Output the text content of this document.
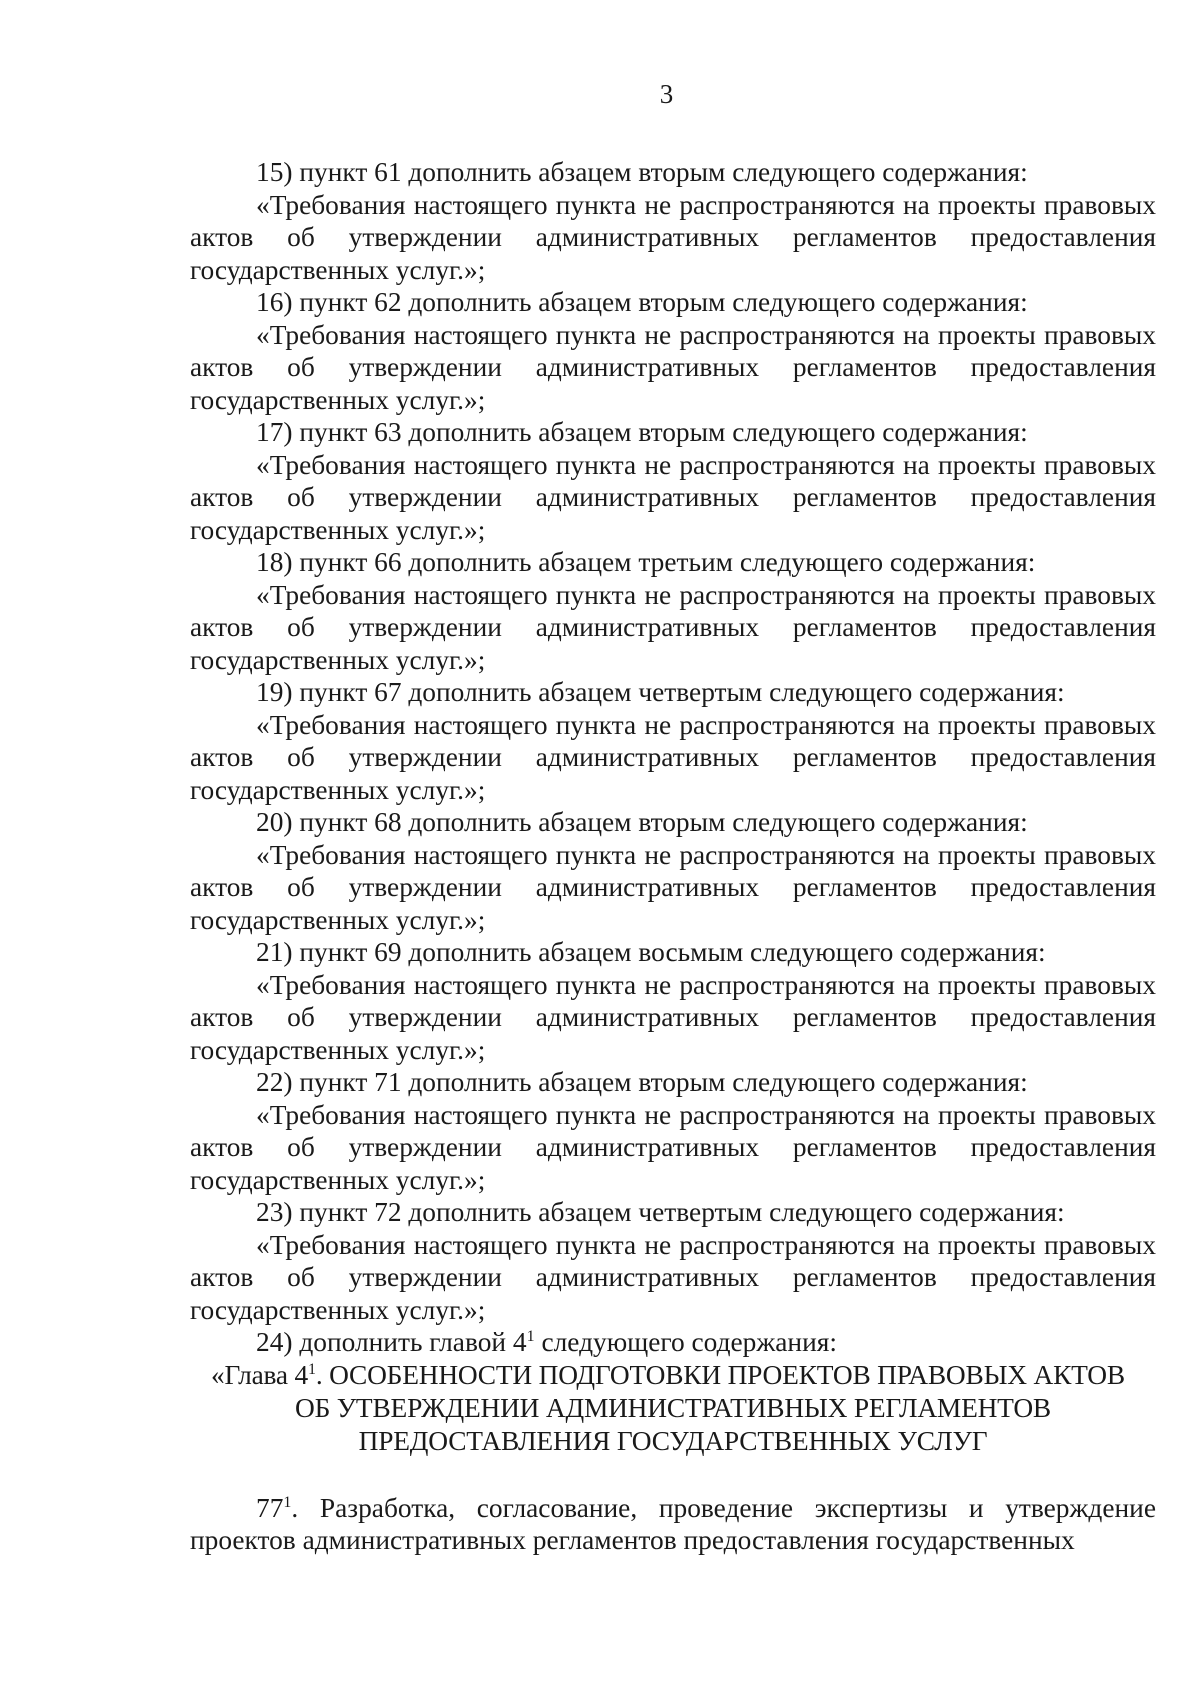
3

15) пункт 61 дополнить абзацем вторым следующего содержания:

«Требования настоящего пункта не распространяются на проекты правовых актов об утверждении административных регламентов предоставления государственных услуг.»;

16) пункт 62 дополнить абзацем вторым следующего содержания:

«Требования настоящего пункта не распространяются на проекты правовых актов об утверждении административных регламентов предоставления государственных услуг.»;

17) пункт 63 дополнить абзацем вторым следующего содержания:

«Требования настоящего пункта не распространяются на проекты правовых актов об утверждении административных регламентов предоставления государственных услуг.»;

18) пункт 66 дополнить абзацем третьим следующего содержания:

«Требования настоящего пункта не распространяются на проекты правовых актов об утверждении административных регламентов предоставления государственных услуг.»;

19) пункт 67 дополнить абзацем четвертым следующего содержания:

«Требования настоящего пункта не распространяются на проекты правовых актов об утверждении административных регламентов предоставления государственных услуг.»;

20) пункт 68 дополнить абзацем вторым следующего содержания:

«Требования настоящего пункта не распространяются на проекты правовых актов об утверждении административных регламентов предоставления государственных услуг.»;

21) пункт 69 дополнить абзацем восьмым следующего содержания:

«Требования настоящего пункта не распространяются на проекты правовых актов об утверждении административных регламентов предоставления государственных услуг.»;

22) пункт 71 дополнить абзацем вторым следующего содержания:

«Требования настоящего пункта не распространяются на проекты правовых актов об утверждении административных регламентов предоставления государственных услуг.»;

23) пункт 72 дополнить абзацем четвертым следующего содержания:

«Требования настоящего пункта не распространяются на проекты правовых актов об утверждении административных регламентов предоставления государственных услуг.»;

24) дополнить главой $4^1$ следующего содержания:

«Глава $4^1$. ОСОБЕННОСТИ ПОДГОТОВКИ ПРОЕКТОВ ПРАВОВЫХ АКТОВ
ОБ УТВЕРЖДЕНИИ АДМИНИСТРАТИВНЫХ РЕГЛАМЕНТОВ
ПРЕДОСТАВЛЕНИЯ ГОСУДАРСТВЕННЫХ УСЛУГ

$77^1$. Разработка, согласование, проведение экспертизы и утверждение проектов административных регламентов предоставления государственных
